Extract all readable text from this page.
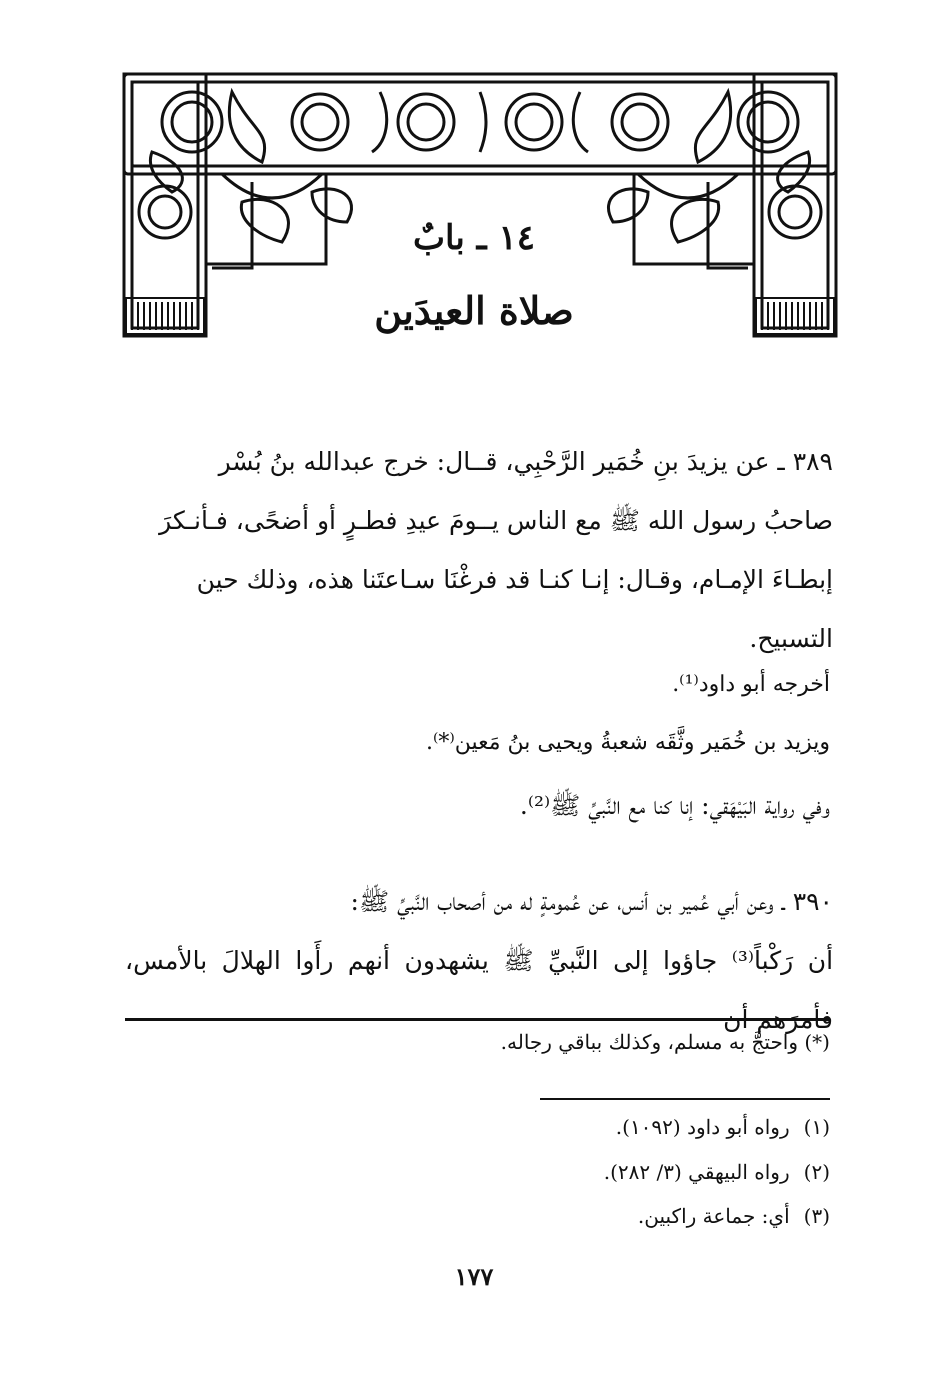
١٤ ـ بابٌ
صلاة العيدَين
٣٨٩ ـ عن يزيدَ بنِ خُمَير الرَّحْبِي، قــال: خرج عبدالله بنُ بُسْر
صاحبُ رسول الله ﷺ مع الناس يــومَ عيدِ فطـرٍ أو أضحًى، فـأنـكرَ
إبطـاءَ الإمـام، وقـال: إنـا كنـا قد فرغْنَا سـاعتَنا هذه، وذلك حين
التسبيح.
أخرجه أبو داود⁽¹⁾.
ويزيد بن خُمَير وثَّقَه شعبةُ ويحيى بنُ مَعين⁽*⁾.
وفي رواية البَيْهَقي: إنا كنا مع النَّبيِّ ﷺ⁽²⁾.
٣٩٠ ـ وعن أبي عُمير بن أنس، عن عُمومةٍ له من أصحاب النَّبيِّ ﷺ:
أن رَكْباً⁽³⁾ جاؤوا إلى النَّبيِّ ﷺ يشهدون أنهم رأَوا الهلالَ بالأمس، فأمرَهم أن
(*) واحتجَّ به مسلم، وكذلك بباقي رجاله.
(١)رواه أبو داود (١٠٩٢).
(٢)رواه البيهقي (٣/ ٢٨٢).
(٣)أي: جماعة راكبين.
١٧٧
